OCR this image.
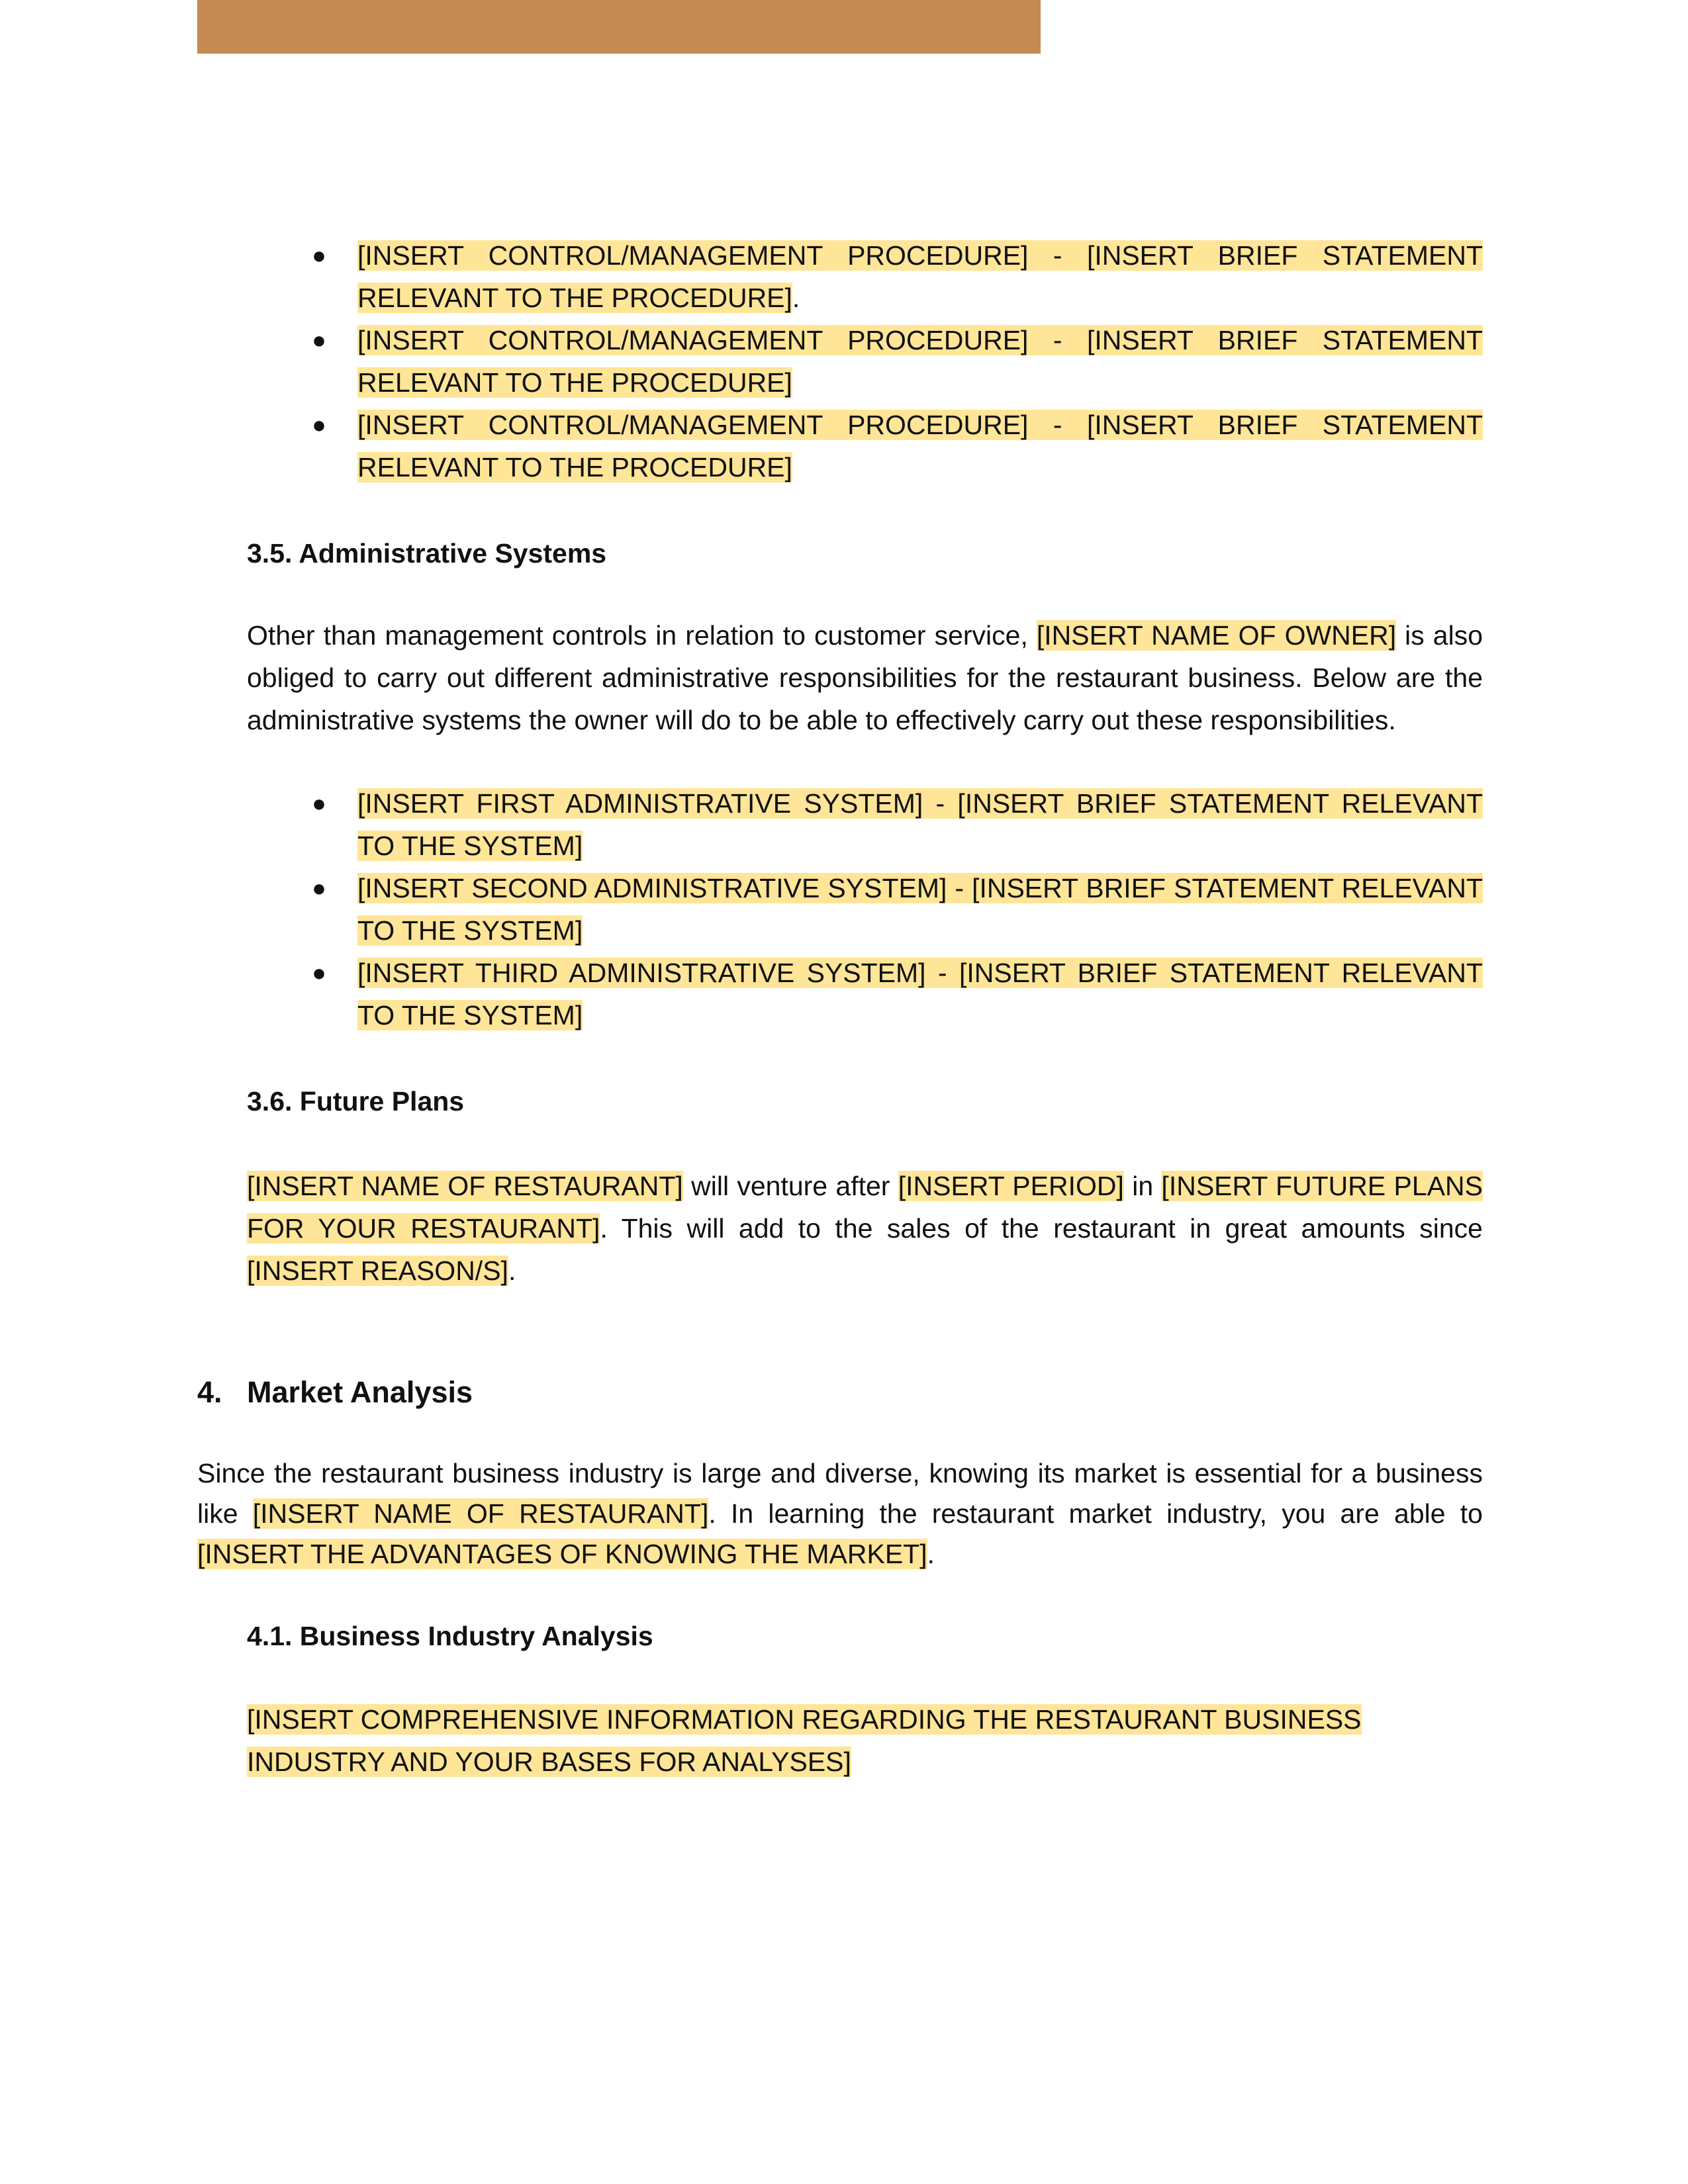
● [INSERT CONTROL/MANAGEMENT PROCEDURE] - [INSERT BRIEF STATEMENT RELEVANT TO THE PROCEDURE].
● [INSERT CONTROL/MANAGEMENT PROCEDURE] - [INSERT BRIEF STATEMENT RELEVANT TO THE PROCEDURE]
● [INSERT CONTROL/MANAGEMENT PROCEDURE] - [INSERT BRIEF STATEMENT RELEVANT TO THE PROCEDURE]

3.5. Administrative Systems

Other than management controls in relation to customer service, [INSERT NAME OF OWNER] is also obliged to carry out different administrative responsibilities for the restaurant business. Below are the administrative systems the owner will do to be able to effectively carry out these responsibilities.

● [INSERT FIRST ADMINISTRATIVE SYSTEM] - [INSERT BRIEF STATEMENT RELEVANT TO THE SYSTEM]
● [INSERT SECOND ADMINISTRATIVE SYSTEM] - [INSERT BRIEF STATEMENT RELEVANT TO THE SYSTEM]
● [INSERT THIRD ADMINISTRATIVE SYSTEM] - [INSERT BRIEF STATEMENT RELEVANT TO THE SYSTEM]

3.6. Future Plans

[INSERT NAME OF RESTAURANT] will venture after [INSERT PERIOD] in [INSERT FUTURE PLANS FOR YOUR RESTAURANT]. This will add to the sales of the restaurant in great amounts since [INSERT REASON/S].

4. Market Analysis

Since the restaurant business industry is large and diverse, knowing its market is essential for a business like [INSERT NAME OF RESTAURANT]. In learning the restaurant market industry, you are able to [INSERT THE ADVANTAGES OF KNOWING THE MARKET].

4.1. Business Industry Analysis

[INSERT COMPREHENSIVE INFORMATION REGARDING THE RESTAURANT BUSINESS INDUSTRY AND YOUR BASES FOR ANALYSES]
